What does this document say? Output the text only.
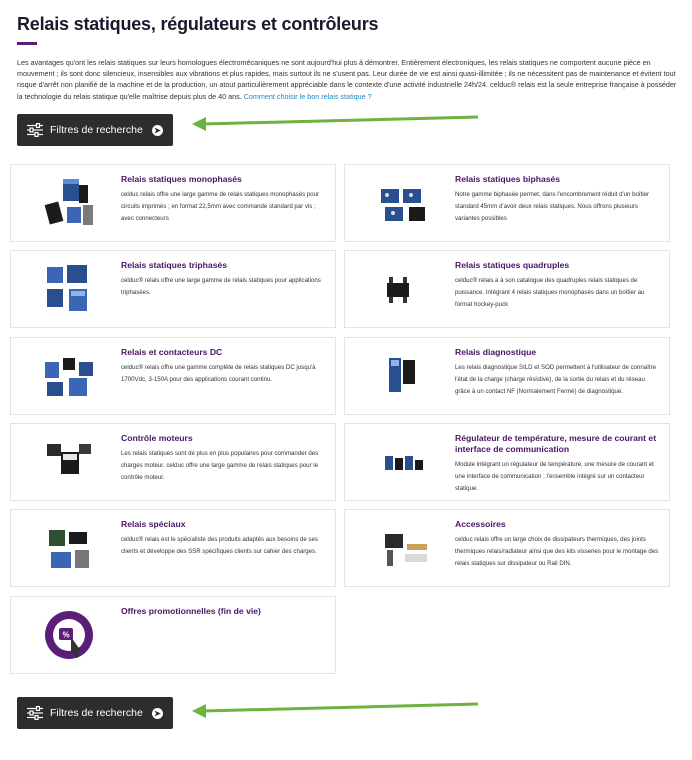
Relais statiques, régulateurs et contrôleurs

Les avantages qu'ont les relais statiques sur leurs homologues électromécaniques ne sont aujourd'hui plus à démontrer. Entièrement électroniques, les relais statiques ne comportent aucune pièce en mouvement ; ils sont donc silencieux, insensibles aux vibrations et plus rapides, mais surtout ils ne s'usent pas. Leur durée de vie est ainsi quasi-illimitée ; ils ne nécessitent pas de maintenance et évitent tout risque d'arrêt non planifié de la machine et de la production, un atout particulièrement appréciable dans le contexte d'une activité industrielle 24h/24. celduc® relais est la seule entreprise française à posséder la technologie du relais statique qu'elle maîtrise depuis plus de 40 ans. Comment choisir le bon relais statique ?

Filtres de recherche	➤
Relais statiques monophasés
celduc relais offre une large gamme de relais statiques monophasés pour circuits imprimés ; en format 22,5mm avec commande standard par vis ; avec connecteurs
Relais statiques biphasés
Notre gamme biphasée permet, dans l'encombrement réduit d'un boîtier standard 45mm d'avoir deux relais statiques. Nous offrons plusieurs variantes possibles
Relais statiques triphasés
celduc® relais offre une large gamme de relais statiques pour applications triphasées.
Relais statiques quadruples
celduc® relais a à son catalogue des quadruples relais statiques de puissance. Intégrant 4 relais statiques monophasés dans un boîtier au format hockey-puck
Relais et contacteurs DC
celduc® relais offre une gamme complète de relais statiques DC jusqu'à 1700Vdc, 3-150A pour des applications courant continu.
Relais diagnostique
Les relais diagnostique SILD et SOD permettent à l'utilisateur de connaître l'état de la charge (charge résistive), de la sortie du relais et du réseau grâce à un contact NF (Normalement Fermé) de diagnostique.
Contrôle moteurs
Les relais statiques sont de plus en plus populaires pour commander des charges moteur. celduc offre une large gamme de relais statiques pour le contrôle moteur.
Régulateur de température, mesure de courant et interface de communication
Module intégrant un régulateur de température, une mesure de courant et une interface de communication ; l'ensemble intégré sur un contacteur statique.
Relais spéciaux
celduc® relais est le spécialiste des produits adaptés aux besoins de ses clients et développe des SSR spécifiques clients sur cahier des charges.
Accessoires
celduc relais offre un large choix de dissipateurs thermiques, des joints thermiques relais/radiateur ainsi que des kits visseries pour le montage des relais statiques sur dissipateur ou Rail DIN.
%
Offres promotionnelles (fin de vie)
Filtres de recherche	➤
